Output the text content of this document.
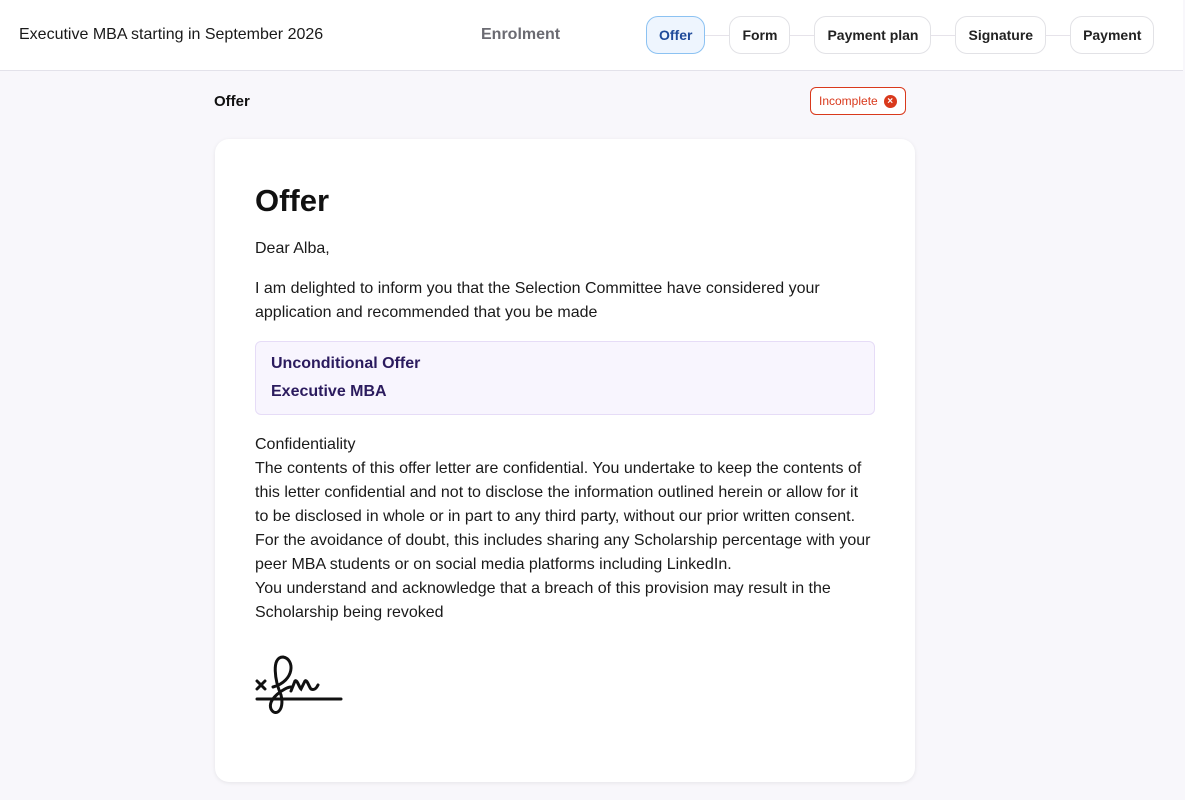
Executive MBA starting in September 2026	Enrolment	Offer	Form	Payment plan	Signature	Payment
Offer	Incomplete ×
Offer

Dear Alba,

I am delighted to inform you that the Selection Committee have considered your application and recommended that you be made

Unconditional Offer
Executive MBA

Confidentiality

The contents of this offer letter are confidential. You undertake to keep the contents of this letter confidential and not to disclose the information outlined herein or allow for it to be disclosed in whole or in part to any third party, without our prior written consent. For the avoidance of doubt, this includes sharing any Scholarship percentage with your peer MBA students or on social media platforms including LinkedIn.

You understand and acknowledge that a breach of this provision may result in the Scholarship being revoked
